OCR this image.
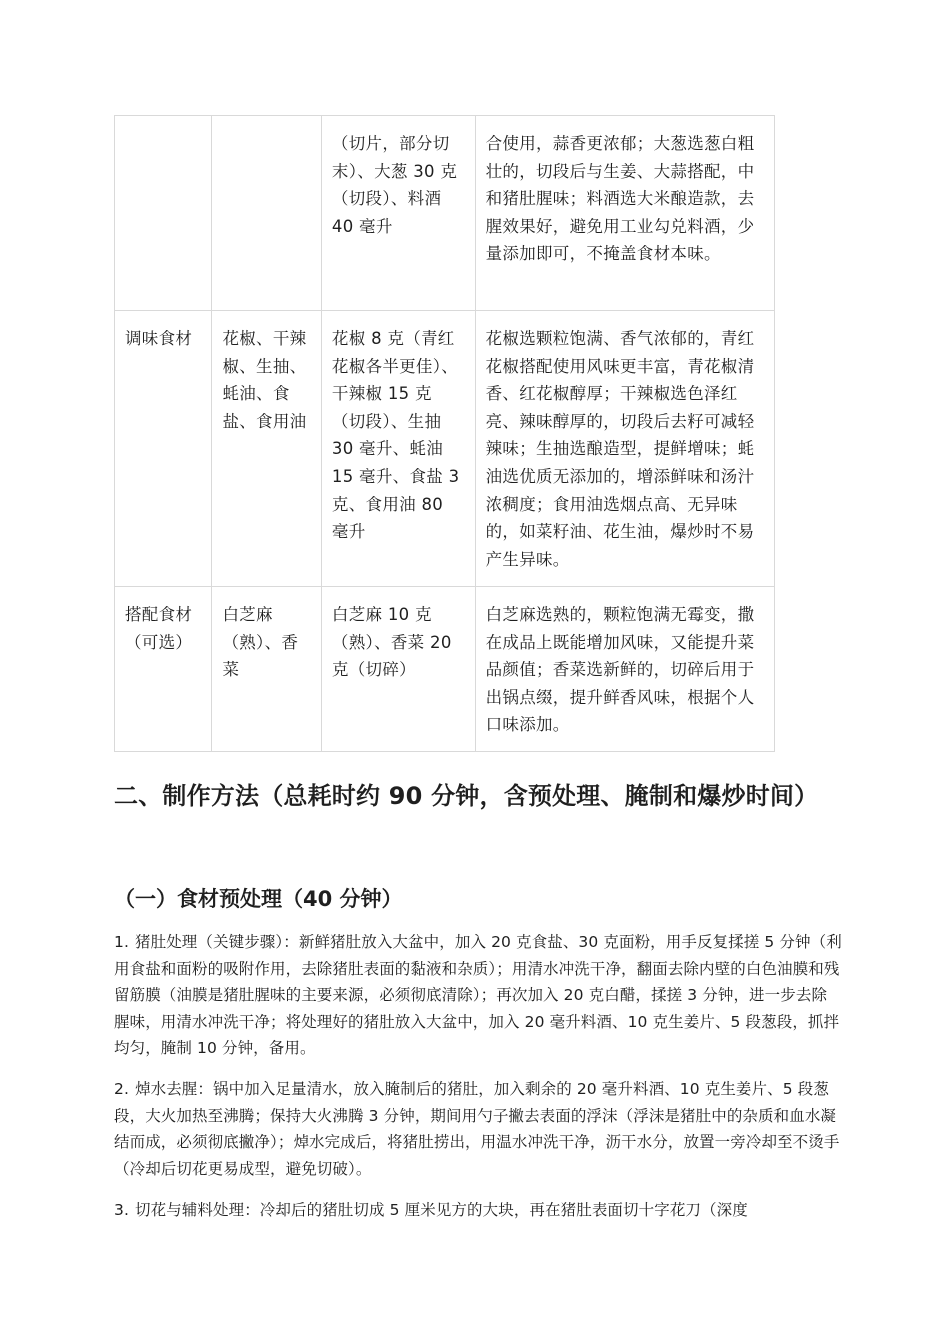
		（切片，部分切末）、大葱 30 克（切段）、料酒 40 毫升	合使用，蒜香更浓郁；大葱选葱白粗壮的，切段后与生姜、大蒜搭配，中和猪肚腥味；料酒选大米酿造款，去腥效果好，避免用工业勾兑料酒，少量添加即可，不掩盖食材本味。
调味食材	花椒、干辣椒、生抽、蚝油、食盐、食用油	花椒 8 克（青红花椒各半更佳）、干辣椒 15 克（切段）、生抽 30 毫升、蚝油 15 毫升、食盐 3 克、食用油 80 毫升	花椒选颗粒饱满、香气浓郁的，青红花椒搭配使用风味更丰富，青花椒清香、红花椒醇厚；干辣椒选色泽红亮、辣味醇厚的，切段后去籽可减轻辣味；生抽选酿造型，提鲜增味；蚝油选优质无添加的，增添鲜味和汤汁浓稠度；食用油选烟点高、无异味的，如菜籽油、花生油，爆炒时不易产生异味。
搭配食材（可选）	白芝麻（熟）、香菜	白芝麻 10 克（熟）、香菜 20 克（切碎）	白芝麻选熟的，颗粒饱满无霉变，撒在成品上既能增加风味，又能提升菜品颜值；香菜选新鲜的，切碎后用于出锅点缀，提升鲜香风味，根据个人口味添加。
二、制作方法（总耗时约 90 分钟，含预处理、腌制和爆炒时间）
（一）食材预处理（40 分钟）

1. 猪肚处理（关键步骤）：新鲜猪肚放入大盆中，加入 20 克食盐、30 克面粉，用手反复揉搓 5 分钟（利用食盐和面粉的吸附作用，去除猪肚表面的黏液和杂质）；用清水冲洗干净，翻面去除内壁的白色油膜和残留筋膜（油膜是猪肚腥味的主要来源，必须彻底清除）；再次加入 20 克白醋，揉搓 3 分钟，进一步去除腥味，用清水冲洗干净；将处理好的猪肚放入大盆中，加入 20 毫升料酒、10 克生姜片、5 段葱段，抓拌均匀，腌制 10 分钟，备用。

2. 焯水去腥：锅中加入足量清水，放入腌制后的猪肚，加入剩余的 20 毫升料酒、10 克生姜片、5 段葱段，大火加热至沸腾；保持大火沸腾 3 分钟，期间用勺子撇去表面的浮沫（浮沫是猪肚中的杂质和血水凝结而成，必须彻底撇净）；焯水完成后，将猪肚捞出，用温水冲洗干净，沥干水分，放置一旁冷却至不烫手（冷却后切花更易成型，避免切破）。

3. 切花与辅料处理：冷却后的猪肚切成 5 厘米见方的大块，再在猪肚表面切十字花刀（深度
